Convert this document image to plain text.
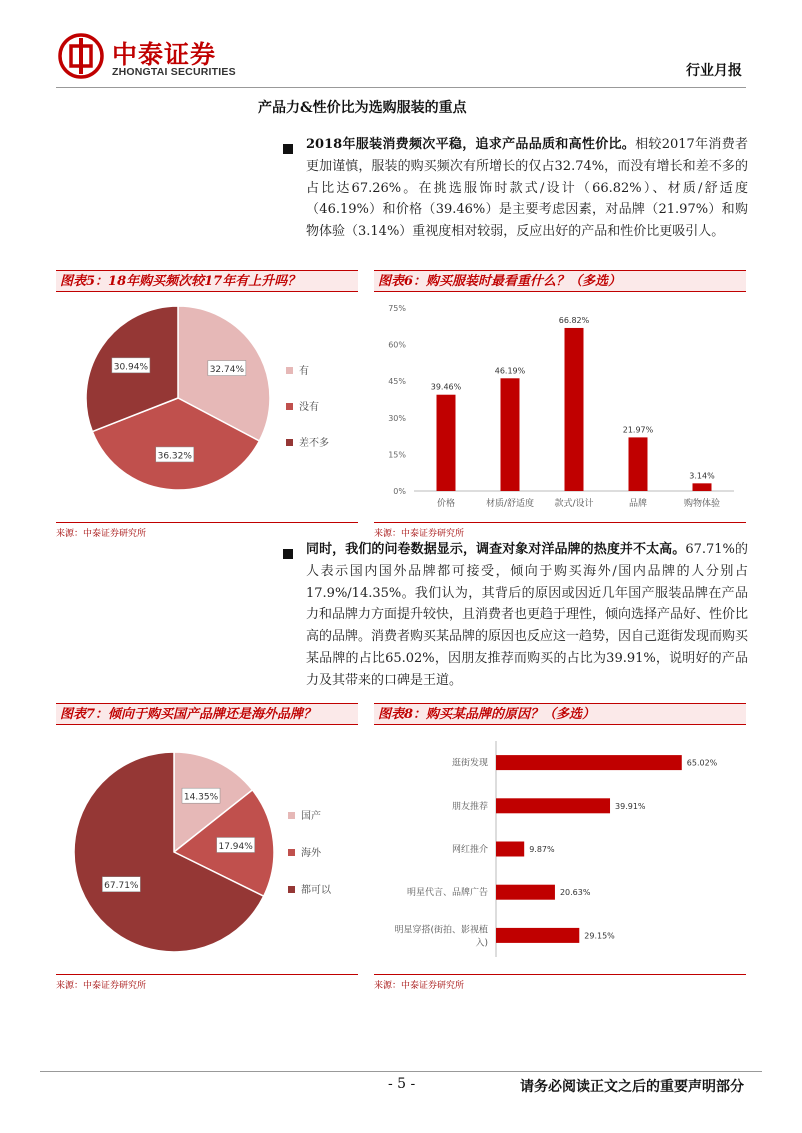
中泰证券
ZHONGTAI SECURITIES	行业月报
产品力&性价比为选购服装的重点
2018年服装消费频次平稳，追求产品品质和高性价比。相较2017年消费者更加谨慎，服装的购买频次有所增长的仅占32.74%，而没有增长和差不多的占比达67.26%。在挑选服饰时款式/设计（66.82%）、材质/舒适度（46.19%）和价格（39.46%）是主要考虑因素，对品牌（21.97%）和购物体验（3.14%）重视度相对较弱，反应出好的产品和性价比更吸引人。
图表5：18年购买频次较17年有上升吗？
32.74%
36.32%
30.94%	有
没有
差不多
来源：中泰证券研究所
图表6：购买服装时最看重什么？（多选）
0%
15%
30%
45%
60%
75%
39.46%
价格
46.19%
材质/舒适度
66.82%
款式/设计
21.97%
品牌
3.14%
购物体验
来源：中泰证券研究所
同时，我们的问卷数据显示，调查对象对洋品牌的热度并不太高。67.71%的人表示国内国外品牌都可接受，倾向于购买海外/国内品牌的人分别占17.9%/14.35%。我们认为，其背后的原因或因近几年国产服装品牌在产品力和品牌力方面提升较快，且消费者也更趋于理性，倾向选择产品好、性价比高的品牌。消费者购买某品牌的原因也反应这一趋势，因自己逛街发现而购买某品牌的占比65.02%，因朋友推荐而购买的占比为39.91%，说明好的产品力及其带来的口碑是王道。
图表7：倾向于购买国产品牌还是海外品牌？
14.35%
17.94%
67.71%
国产
海外
都可以
来源：中泰证券研究所
图表8：购买某品牌的原因？（多选）
65.02%
逛街发现
39.91%
朋友推荐
9.87%
网红推介
20.63%
明星代言、品牌广告
29.15%
明星穿搭(街拍、影视植入)
来源：中泰证券研究所
- 5 -	请务必阅读正文之后的重要声明部分
